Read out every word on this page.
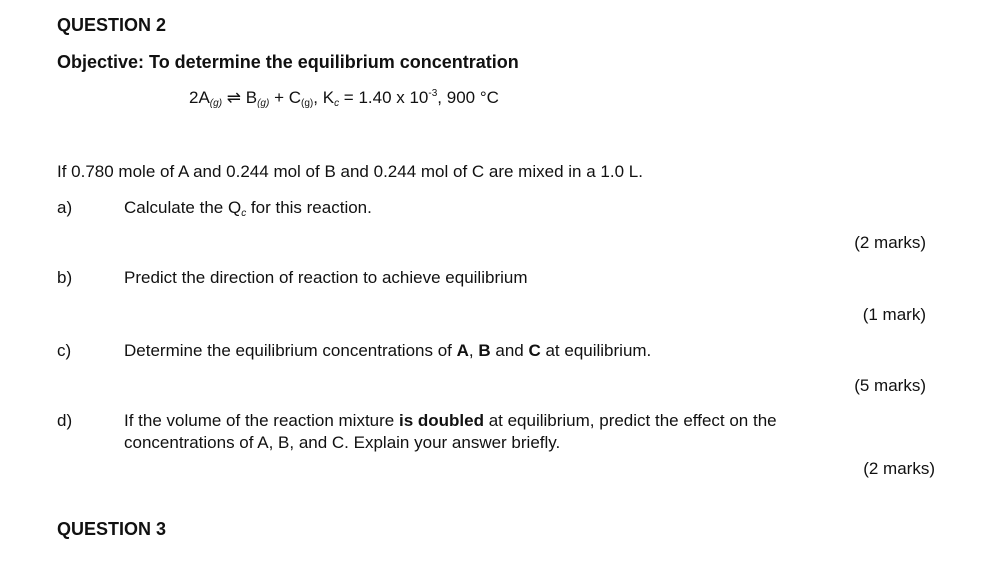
QUESTION 2
Objective: To determine the equilibrium concentration
$2A_{(g)}$ ⇌ $B_{(g)} + C_{(g)}$, $K_c = 1.40$ x $10^{-3}$, 900 °C
If 0.780 mole of A and 0.244 mol of B and 0.244 mol of C are mixed in a 1.0 L.
a)	Calculate the $Q_c$ for this reaction.
(2 marks)
b)	Predict the direction of reaction to achieve equilibrium
(1 mark)
c)	Determine the equilibrium concentrations of A, B and C at equilibrium.
(5 marks)
d)	If the volume of the reaction mixture is doubled at equilibrium, predict the effect on the
concentrations of A, B, and C. Explain your answer briefly.
(2 marks)
QUESTION 3
